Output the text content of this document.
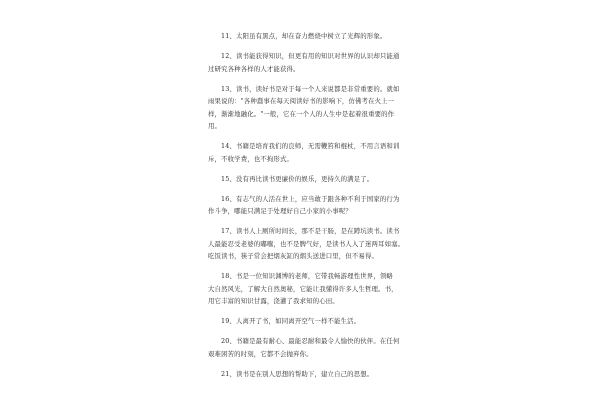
11、太阳虽有黑点，却在奋力燃烧中树立了光辉的形象。
12、读书能获得知识，但更有用的知识对世界的认识却只能通
过研究各种各样的人才能获得。
13、读书，读好书是对于每一个人来说都是非常重要的。就如
雨果说的："各种蠢事在每天阅读好书的影响下，仿佛考在火上一
样，渐渐地融化。"一般，它在一个人的人生中是起着很重要的作
用。
14、书籍是培育我们的良师，无需鞭笞和棍杖，不用言语和训
斥，不收学费，也不拘形式。
15、没有再比读书更廉价的娱乐，更持久的满足了。
16、有志气的人活在世上，应当敢于跟各种不利于国家的行为
作斗争，哪能只满足于处理好自己小家的小事呢？
17、读书人上厕所时间长，那不是干肠，是在蹲坑读书。读书
人最能忍受老婆的嘟囔，也不是脾气好，是读书人入了迷两耳如塞。
吃饭读书，筷子常会把烟灰缸的烟头送进口里，但不易得。
18、书是一位知识渊博的老师，它带我畅游理性世界，领略
大自然风光，了解大自然奥秘，它能让我懂得许多人生哲理。书，
用它丰富的知识甘露，浇灌了我求知的心田。
19、人离开了书，如同离开空气一样不能生活。
20、书籍是最有耐心、最能忍耐和最令人愉快的伙伴。在任何
艰难困苦的时刻，它都不会抛弃你。
21、读书是在别人思想的帮助下，建立自己的思想。
